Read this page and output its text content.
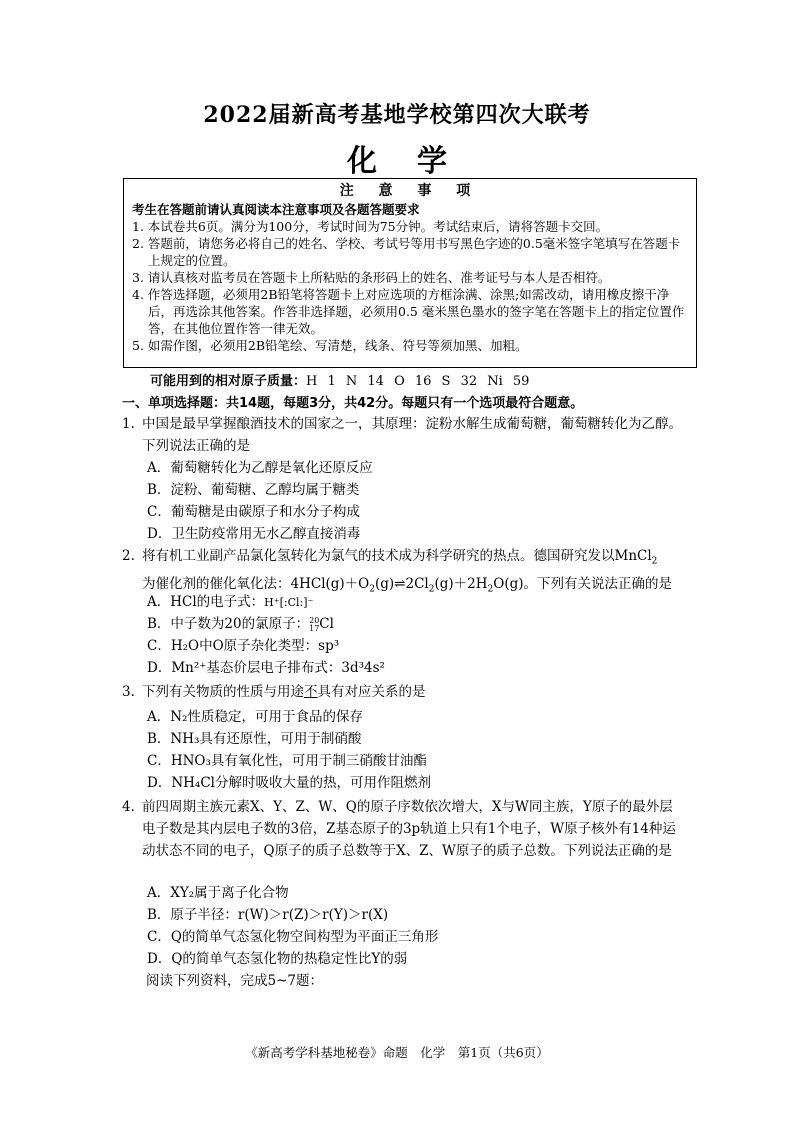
2022届新高考基地学校第四次大联考
化学
注 意 事 项
考生在答题前请认真阅读本注意事项及各题答题要求
1. 本试卷共6页。满分为100分，考试时间为75分钟。考试结束后，请将答题卡交回。
2. 答题前，请您务必将自己的姓名、学校、考试号等用书写黑色字迹的0.5毫米签字笔填写在答题卡上规定的位置。
3. 请认真核对监考员在答题卡上所粘贴的条形码上的姓名、准考证号与本人是否相符。
4. 作答选择题，必须用2B铅笔将答题卡上对应选项的方框涂满、涂黑;如需改动，请用橡皮擦干净后，再选涂其他答案。作答非选择题，必须用0.5 毫米黑色墨水的签字笔在答题卡上的指定位置作答，在其他位置作答一律无效。
5. 如需作图，必须用2B铅笔绘、写清楚，线条、符号等须加黑、加粗。
可能用到的相对原子质量：H 1 N 14 O 16 S 32 Ni 59
一、单项选择题：共14题，每题3分，共42分。每题只有一个选项最符合题意。
1. 中国是最早掌握酿酒技术的国家之一，其原理：淀粉水解生成葡萄糖，葡萄糖转化为乙醇。下列说法正确的是
A．葡萄糖转化为乙醇是氧化还原反应
B．淀粉、葡萄糖、乙醇均属于糖类
C．葡萄糖是由碳原子和水分子构成
D．卫生防疫常用无水乙醇直接消毒
2. 将有机工业副产品氯化氢转化为氯气的技术成为科学研究的热点。德国研究发以MnCl$_2$
为催化剂的催化氧化法：$4HCl(g)+O_2(g)\rightleftharpoons 2Cl_2(g)+2H_2O(g)$。下列有关说法正确的是
A．HCl的电子式：H⁺[:Cl:]⁻
B．中子数为20的氯原子：20
17Cl
C．H₂O中O原子杂化类型：sp³
D．Mn²⁺基态价层电子排布式：3d³4s²
3. 下列有关物质的性质与用途不具有对应关系的是
A．N₂性质稳定，可用于食品的保存
B．NH₃具有还原性，可用于制硝酸
C．HNO₃具有氧化性，可用于制三硝酸甘油酯
D．NH₄Cl分解时吸收大量的热，可用作阻燃剂
4. 前四周期主族元素X、Y、Z、W、Q的原子序数依次增大，X与W同主族，Y原子的最外层电子数是其内层电子数的3倍，Z基态原子的3p轨道上只有1个电子，W原子核外有14种运动状态不同的电子，Q原子的质子总数等于X、Z、W原子的质子总数。下列说法正确的是
A．XY₂属于离子化合物
B．原子半径：r(W)＞r(Z)＞r(Y)＞r(X)
C．Q的简单气态氢化物空间构型为平面正三角形
D．Q的简单气态氢化物的热稳定性比Y的弱
阅读下列资料，完成5~7题：
《新高考学科基地秘卷》命题　化学　第1页（共6页）
